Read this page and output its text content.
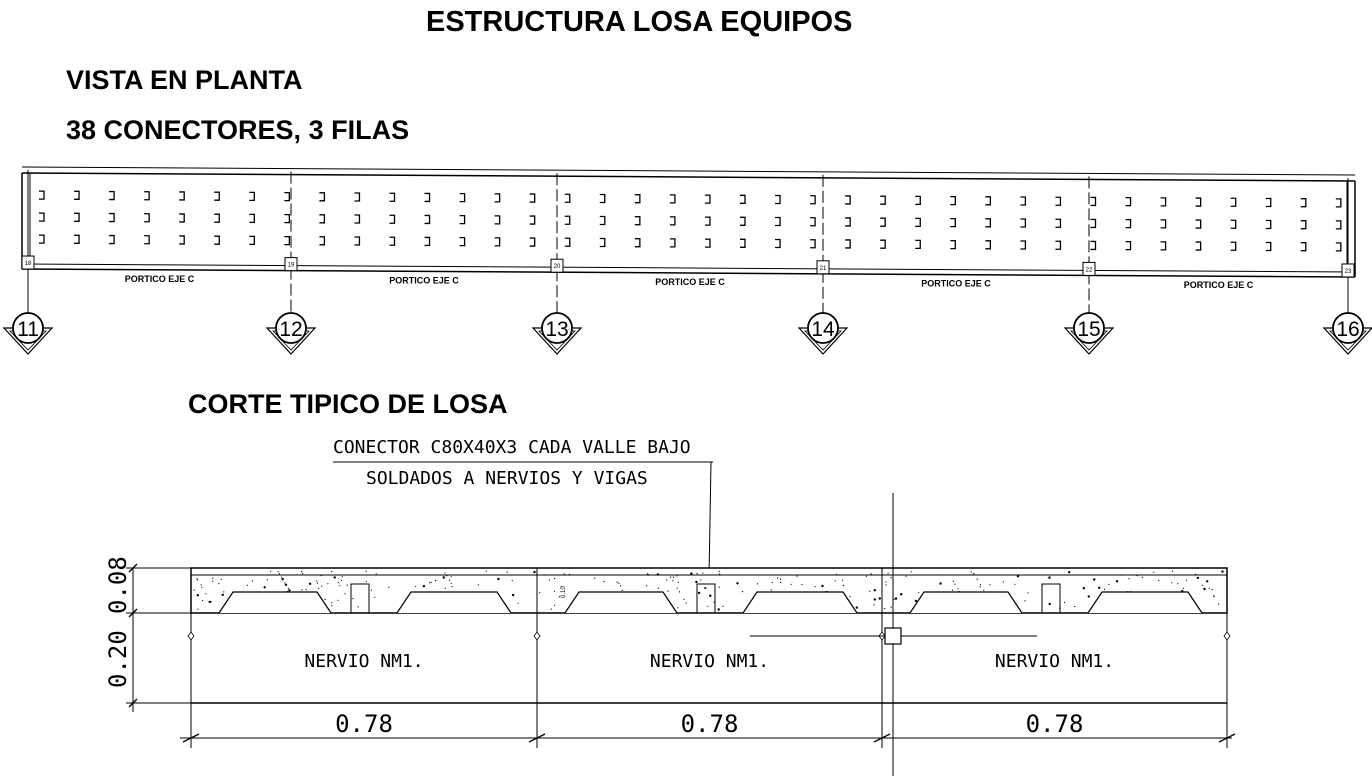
ESTRUCTURA LOSA EQUIPOS
VISTA EN PLANTA
38 CONECTORES, 3 FILAS
CORTE TIPICO DE LOSA
18	19	20	21	22	23
PORTICO EJE C	PORTICO EJE C	PORTICO EJE C	PORTICO EJE C	PORTICO EJE C
11	12	13	14	15	16
CONECTOR C80X40X3 CADA VALLE BAJO
SOLDADOS A NERVIOS Y VIGAS
NERVIO NM1.	NERVIO NM1.	NERVIO NM1.
0.78	0.78	0.78
0.20
0.08	0.10
